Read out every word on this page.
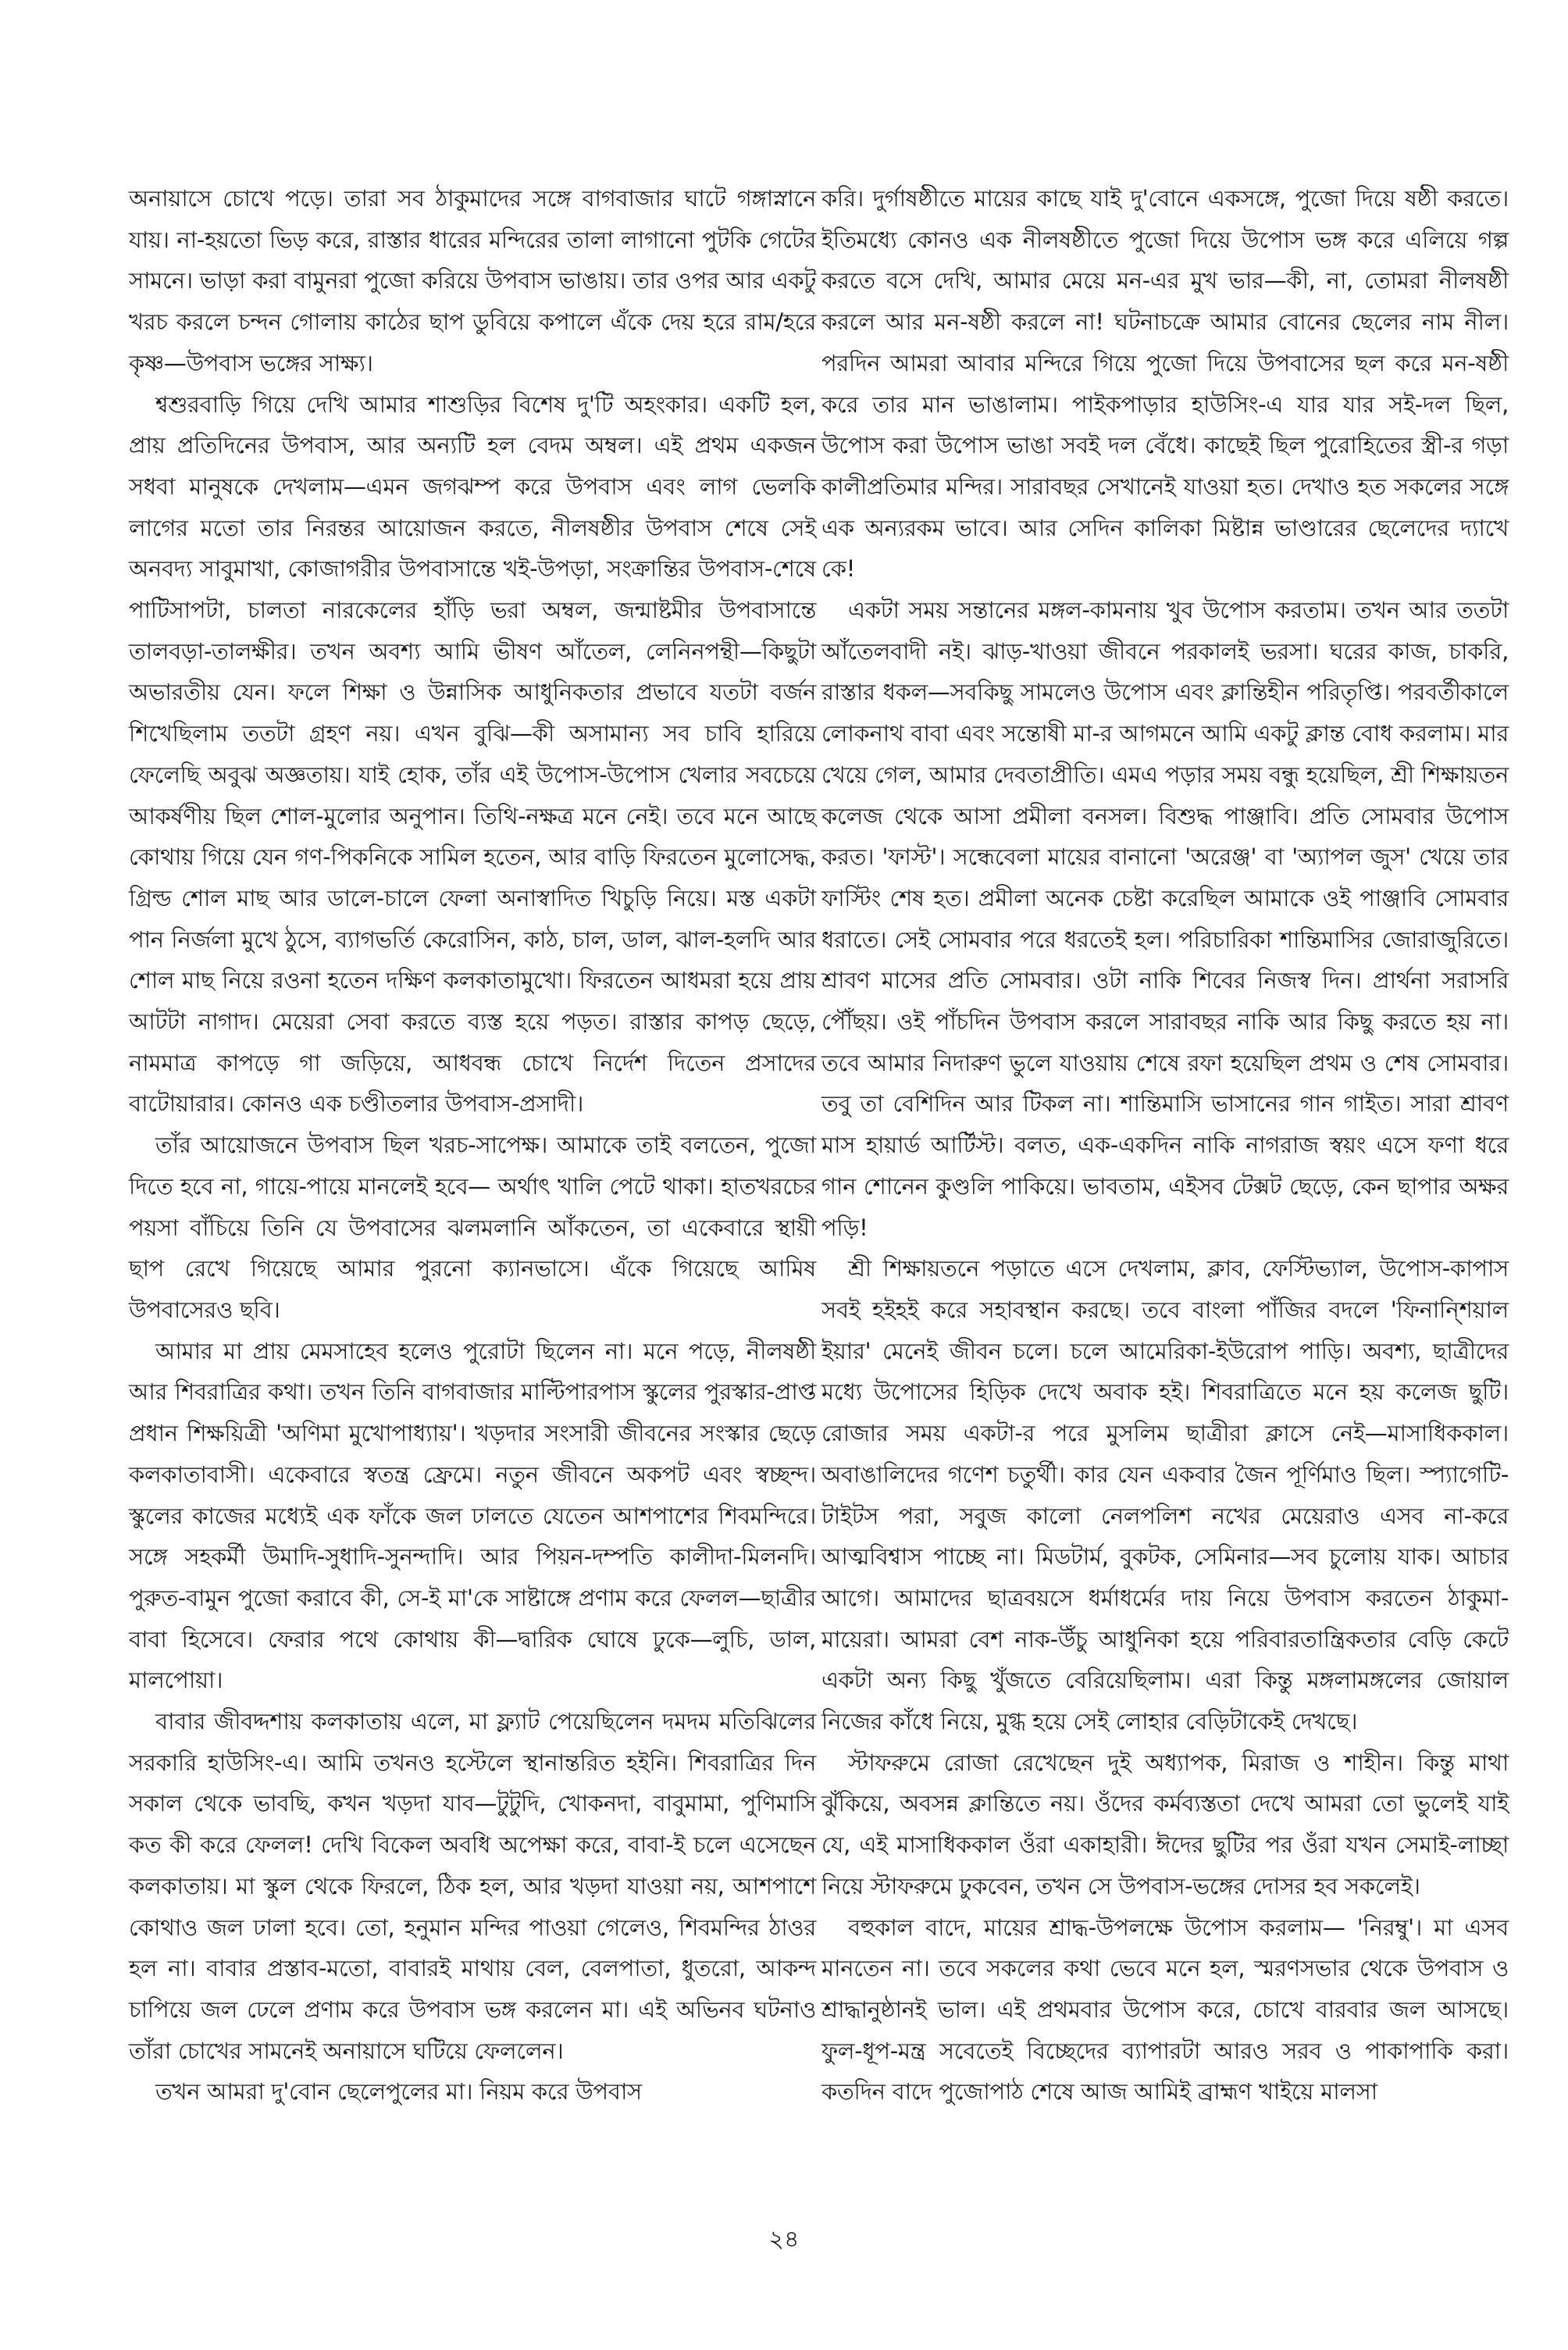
অনায়াসে চোখে পড়ে। তারা সব ঠাকুমাদের সঙ্গে বাগবাজার ঘাটে গঙ্গাস্নানে যায়। না-হয়তো ভিড় করে, রাস্তার ধারের মন্দিরের তালা লাগানো পুটকি গেটের সামনে। ভাড়া করা বামুনরা পুজো করিয়ে উপবাস ভাঙায়। তার ওপর আর একটু খরচ করলে চন্দন গোলায় কাঠের ছাপ ডুবিয়ে কপালে এঁকে দেয় হরে রাম/হরে কৃষ্ণ—উপবাস ভঙ্গের সাক্ষ্য।

শ্বশুরবাড়ি গিয়ে দেখি আমার শাশুড়ির বিশেষ দু'টি অহংকার। একটি হল, প্রায় প্রতিদিনের উপবাস, আর অন্যটি হল বেদম অম্বল। এই প্রথম একজন সধবা মানুষকে দেখলাম—এমন জগঝম্প করে উপবাস এবং লাগ ভেলকি লাগের মতো তার নিরন্তর আয়োজন করতে, নীলষষ্ঠীর উপবাস শেষে সেই অনবদ্য সাবুমাখা, কোজাগরীর উপবাসান্তে খই-উপড়া, সংক্রান্তির উপবাস-শেষে পাটিসাপটা, চালতা নারকেলের হাঁড়ি ভরা অম্বল, জন্মাষ্টমীর উপবাসান্তে তালবড়া-তালক্ষীর। তখন অবশ্য আমি ভীষণ আঁতেল, লেনিনপন্থী—কিছুটা অভারতীয় যেন। ফলে শিক্ষা ও উন্নাসিক আধুনিকতার প্রভাবে যতটা বর্জন শিখেছিলাম ততটা গ্রহণ নয়। এখন বুঝি—কী অসামান্য সব চাবি হারিয়ে ফেলেছি অবুঝ অজ্ঞতায়। যাই হোক, তাঁর এই উপোস-উপোস খেলার সবচেয়ে আকর্ষণীয় ছিল শোল-মুলোর অনুপান। তিথি-নক্ষত্র মনে নেই। তবে মনে আছে কোথায় গিয়ে যেন গণ-পিকনিকে সামিল হতেন, আর বাড়ি ফিরতেন মুলোসেদ্ধ, গ্রিল্ড শোল মাছ আর ডালে-চালে ফেলা অনাস্বাদিত খিচুড়ি নিয়ে। মস্ত একটা পান নির্জলা মুখে ঠুসে, ব্যাগভর্তি কেরোসিন, কাঠ, চাল, ডাল, ঝাল-হলদি আর শোল মাছ নিয়ে রওনা হতেন দক্ষিণ কলকাতামুখো। ফিরতেন আধমরা হয়ে প্রায় আটটা নাগাদ। মেয়েরা সেবা করতে ব্যস্ত হয়ে পড়ত। রাস্তার কাপড় ছেড়ে, নামমাত্র কাপড়ে গা জড়িয়ে, আধবন্ধ চোখে নির্দেশ দিতেন প্রসাদের বাটোয়ারার। কোনও এক চণ্ডীতলার উপবাস-প্রসাদী।

তাঁর আয়োজনে উপবাস ছিল খরচ-সাপেক্ষ। আমাকে তাই বলতেন, পুজো দিতে হবে না, গায়ে-পায়ে মানলেই হবে— অর্থাৎ খালি পেটে থাকা। হাতখরচের পয়সা বাঁচিয়ে তিনি যে উপবাসের ঝলমলানি আঁকতেন, তা একেবারে স্থায়ী ছাপ রেখে গিয়েছে আমার পুরনো ক্যানভাসে। এঁকে গিয়েছে আমিষ উপবাসেরও ছবি।

আমার মা প্রায় মেমসাহেব হলেও পুরোটা ছিলেন না। মনে পড়ে, নীলষষ্ঠী আর শিবরাত্রির কথা। তখন তিনি বাগবাজার মাল্টিপারপাস স্কুলের পুরস্কার-প্রাপ্ত প্রধান শিক্ষয়িত্রী 'অণিমা মুখোপাধ্যায়'। খড়দার সংসারী জীবনের সংস্কার ছেড়ে কলকাতাবাসী। একেবারে স্বতন্ত্র ফ্রেমে। নতুন জীবনে অকপট এবং স্বচ্ছন্দ। স্কুলের কাজের মধ্যেই এক ফাঁকে জল ঢালতে যেতেন আশপাশের শিবমন্দিরে। সঙ্গে সহকর্মী উমাদি-সুধাদি-সুনন্দাদি। আর পিয়ন-দম্পতি কালীদা-মিলনদি। পুরুত-বামুন পুজো করাবে কী, সে-ই মা'কে সাষ্টাঙ্গে প্রণাম করে ফেলল—ছাত্রীর বাবা হিসেবে। ফেরার পথে কোথায় কী—দ্বারিক ঘোষে ঢুকে—লুচি, ডাল, মালপোয়া।

বাবার জীবদ্দশায় কলকাতায় এলে, মা ফ্ল্যাট পেয়েছিলেন দমদম মতিঝিলের সরকারি হাউসিং-এ। আমি তখনও হস্টেলে স্থানান্তরিত হইনি। শিবরাত্রির দিন সকাল থেকে ভাবছি, কখন খড়দা যাব—টুটুদি, খোকনদা, বাবুমামা, পুণিমাসি কত কী করে ফেলল! দেখি বিকেল অবধি অপেক্ষা করে, বাবা-ই চলে এসেছেন কলকাতায়। মা স্কুল থেকে ফিরলে, ঠিক হল, আর খড়দা যাওয়া নয়, আশপাশে কোথাও জল ঢালা হবে। তো, হনুমান মন্দির পাওয়া গেলেও, শিবমন্দির ঠাওর হল না। বাবার প্রস্তাব-মতো, বাবারই মাথায় বেল, বেলপাতা, ধুতরো, আকন্দ চাপিয়ে জল ঢেলে প্রণাম করে উপবাস ভঙ্গ করলেন মা। এই অভিনব ঘটনাও তাঁরা চোখের সামনেই অনায়াসে ঘটিয়ে ফেললেন।

তখন আমরা দু'বোন ছেলেপুলের মা। নিয়ম করে উপবাস

করি। দুর্গাষষ্ঠীতে মায়ের কাছে যাই দু'বোনে একসঙ্গে, পুজো দিয়ে ষষ্ঠী করতে। ইতিমধ্যে কোনও এক নীলষষ্ঠীতে পুজো দিয়ে উপোস ভঙ্গ করে এলিয়ে গল্প করতে বসে দেখি, আমার মেয়ে মন-এর মুখ ভার—কী, না, তোমরা নীলষষ্ঠী করলে আর মন-ষষ্ঠী করলে না! ঘটনাচক্রে আমার বোনের ছেলের নাম নীল। পরদিন আমরা আবার মন্দিরে গিয়ে পুজো দিয়ে উপবাসের ছল করে মন-ষষ্ঠী করে তার মান ভাঙালাম। পাইকপাড়ার হাউসিং-এ যার যার সই-দল ছিল, উপোস করা উপোস ভাঙা সবই দল বেঁধে। কাছেই ছিল পুরোহিতের স্ত্রী-র গড়া কালীপ্রতিমার মন্দির। সারাবছর সেখানেই যাওয়া হত। দেখাও হত সকলের সঙ্গে এক অন্যরকম ভাবে। আর সেদিন কালিকা মিষ্টান্ন ভাণ্ডারের ছেলেদের দ্যাখে কে!

একটা সময় সন্তানের মঙ্গল-কামনায় খুব উপোস করতাম। তখন আর ততটা আঁতেলবাদী নই। ঝাড়-খাওয়া জীবনে পরকালই ভরসা। ঘরের কাজ, চাকরি, রাস্তার ধকল—সবকিছু সামলেও উপোস এবং ক্লান্তিহীন পরিতৃপ্তি। পরবর্তীকালে লোকনাথ বাবা এবং সন্তোষী মা-র আগমনে আমি একটু ক্লান্ত বোধ করলাম। মার খেয়ে গেল, আমার দেবতাপ্রীতি। এমএ পড়ার সময় বন্ধু হয়েছিল, শ্রী শিক্ষায়তন কলেজ থেকে আসা প্রমীলা বনসল। বিশুদ্ধ পাঞ্জাবি। প্রতি সোমবার উপোস করত। 'ফাস্ট'। সন্ধেবেলা মায়ের বানানো 'অরেঞ্জ' বা 'অ্যাপল জুস' খেয়ে তার ফাস্টিং শেষ হত। প্রমীলা অনেক চেষ্টা করেছিল আমাকে ওই পাঞ্জাবি সোমবার ধরাতে। সেই সোমবার পরে ধরতেই হল। পরিচারিকা শান্তিমাসির জোরাজুরিতে। শ্রাবণ মাসের প্রতি সোমবার। ওটা নাকি শিবের নিজস্ব দিন। প্রার্থনা সরাসরি পৌঁছয়। ওই পাঁচদিন উপবাস করলে সারাবছর নাকি আর কিছু করতে হয় না। তবে আমার নিদারুণ ভুলে যাওয়ায় শেষে রফা হয়েছিল প্রথম ও শেষ সোমবার। তবু তা বেশিদিন আর টিকল না। শান্তিমাসি ভাসানের গান গাইত। সারা শ্রাবণ মাস হায়ার্ড আর্টিস্ট। বলত, এক-একদিন নাকি নাগরাজ স্বয়ং এসে ফণা ধরে গান শোনেন কুণ্ডলি পাকিয়ে। ভাবতাম, এইসব টেক্সট ছেড়ে, কেন ছাপার অক্ষর পড়ি!

শ্রী শিক্ষায়তনে পড়াতে এসে দেখলাম, ক্লাব, ফেস্টিভ্যাল, উপোস-কাপাস সবই হইহই করে সহাবস্থান করছে। তবে বাংলা পাঁজির বদলে 'ফিনান্শিয়াল ইয়ার' মেনেই জীবন চলে। চলে আমেরিকা-ইউরোপ পাড়ি। অবশ্য, ছাত্রীদের মধ্যে উপোসের হিড়িক দেখে অবাক হই। শিবরাত্রিতে মনে হয় কলেজ ছুটি। রোজার সময় একটা-র পরে মুসলিম ছাত্রীরা ক্লাসে নেই—মাসাধিককাল। অবাঙালিদের গণেশ চতুর্থী। কার যেন একবার জৈন পূর্ণিমাও ছিল। স্প্যাগেটি-টাইটস পরা, সবুজ কালো নেলপলিশ নখের মেয়েরাও এসব না-করে আত্মবিশ্বাস পাচ্ছে না। মিডটার্ম, বুকটক, সেমিনার—সব চুলোয় যাক। আচার আগে। আমাদের ছাত্রবয়সে ধর্মাধর্মের দায় নিয়ে উপবাস করতেন ঠাকুমা-মায়েরা। আমরা বেশ নাক-উঁচু আধুনিকা হয়ে পরিবারতান্ত্রিকতার বেড়ি কেটে একটা অন্য কিছু খুঁজতে বেরিয়েছিলাম। এরা কিন্তু মঙ্গলামঙ্গলের জোয়াল নিজের কাঁধে নিয়ে, মুগ্ধ হয়ে সেই লোহার বেড়িটাকেই দেখছে।

স্টাফরুমে রোজা রেখেছেন দুই অধ্যাপক, মিরাজ ও শাহীন। কিন্তু মাথা ঝুঁকিয়ে, অবসন্ন ক্লান্তিতে নয়। ওঁদের কর্মব্যস্ততা দেখে আমরা তো ভুলেই যাই যে, এই মাসাধিককাল ওঁরা একাহারী। ঈদের ছুটির পর ওঁরা যখন সেমাই-লাচ্ছা নিয়ে স্টাফরুমে ঢুকবেন, তখন সে উপবাস-ভঙ্গের দোসর হব সকলেই।

বহুকাল বাদে, মায়ের শ্রাদ্ধ-উপলক্ষে উপোস করলাম— 'নিরম্বু'। মা এসব মানতেন না। তবে সকলের কথা ভেবে মনে হল, স্মরণসভার থেকে উপবাস ও শ্রাদ্ধানুষ্ঠানই ভাল। এই প্রথমবার উপোস করে, চোখে বারবার জল আসছে। ফুল-ধূপ-মন্ত্র সবেতেই বিচ্ছেদের ব্যাপারটা আরও সরব ও পাকাপাকি করা। কতদিন বাদে পুজোপাঠ শেষে আজ আমিই ব্রাহ্মণ খাইয়ে মালসা

২৪
